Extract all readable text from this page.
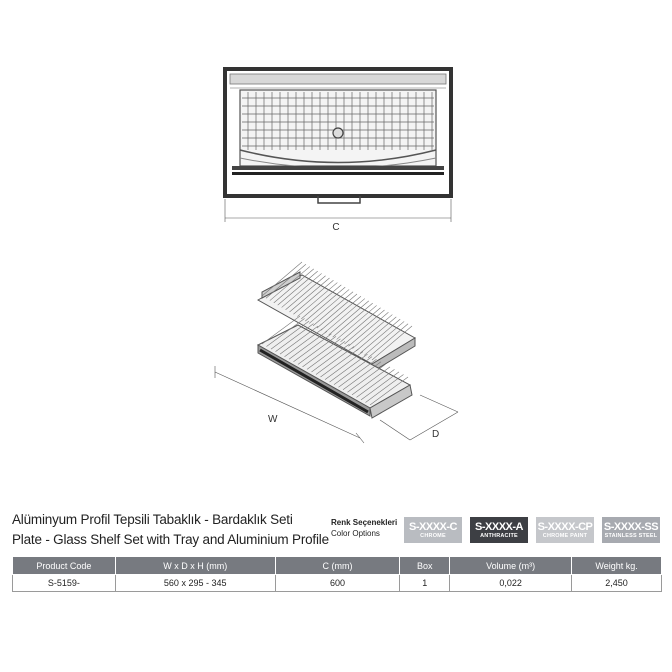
C
W
D
Alüminyum Profil Tepsili Tabaklık - Bardaklık Seti
Plate - Glass Shelf Set with Tray and Aluminium Profile
Renk Seçenekleri
Color Options
S-XXXX-C
CHROME
S-XXXX-A
ANTHRACITE
S-XXXX-CP
CHROME PAINT
S-XXXX-SS
STAINLESS STEEL
Product Code	W x D x H (mm)	C (mm)	Box	Volume (m³)	Weight kg.
S-5159-	560 x 295 - 345	600	1	0,022	2,450
